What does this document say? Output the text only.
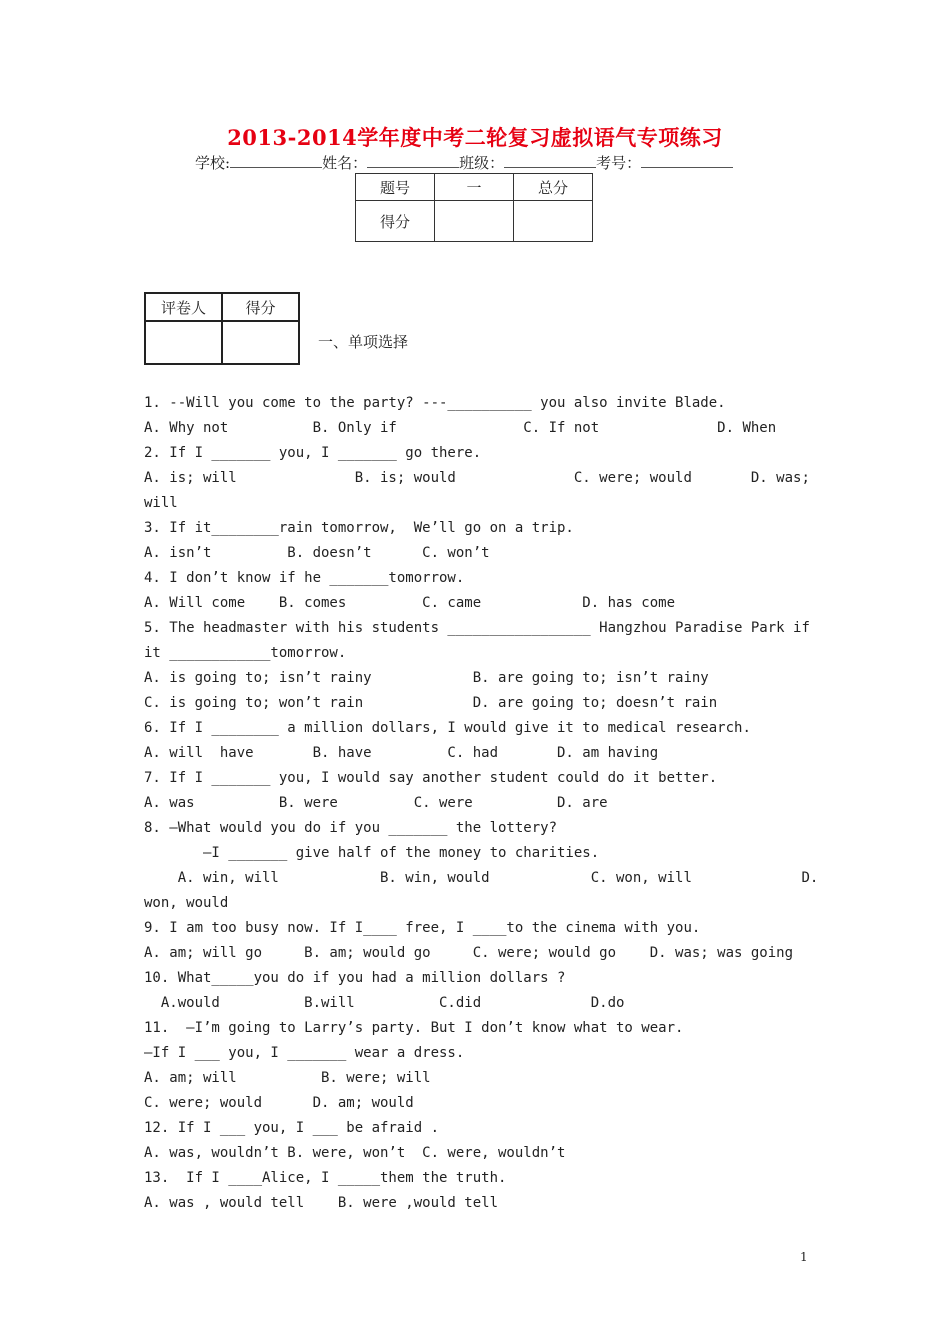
2013-2014学年度中考二轮复习虚拟语气专项练习
学校:	姓名：	班级：	考号：
题号	一	总分
得分		
评卷人	得分

一、单项选择
1. --Will you come to the party? ---__________ you also invite Blade.
A. Why not          B. Only if               C. If not              D. When
2. If I _______ you, I _______ go there.
A. is; will              B. is; would              C. were; would       D. was;
will
3. If it________rain tomorrow,  We’ll go on a trip.
A. isn’t         B. doesn’t      C. won’t
4. I don’t know if he _______tomorrow.
A. Will come    B. comes         C. came            D. has come
5. The headmaster with his students _________________ Hangzhou Paradise Park if
it ____________tomorrow.
A. is going to; isn’t rainy            B. are going to; isn’t rainy
C. is going to; won’t rain             D. are going to; doesn’t rain
6. If I ________ a million dollars, I would give it to medical research.
A. will  have       B. have         C. had       D. am having
7. If I _______ you, I would say another student could do it better.
A. was          B. were         C. were          D. are
8. —What would you do if you _______ the lottery?
—I _______ give half of the money to charities.
A. win, will            B. win, would            C. won, will             D.
won, would
9. I am too busy now. If I____ free, I ____to the cinema with you.
A. am; will go     B. am; would go     C. were; would go    D. was; was going
10. What_____you do if you had a million dollars ?
A.would          B.will          C.did             D.do
11.  —I’m going to Larry’s party. But I don’t know what to wear.
—If I ___ you, I _______ wear a dress.
A. am; will          B. were; will
C. were; would      D. am; would
12. If I ___ you, I ___ be afraid .
A. was, wouldn’t B. were, won’t  C. were, wouldn’t
13.  If I ____Alice, I _____them the truth.
A. was , would tell    B. were ,would tell
1
